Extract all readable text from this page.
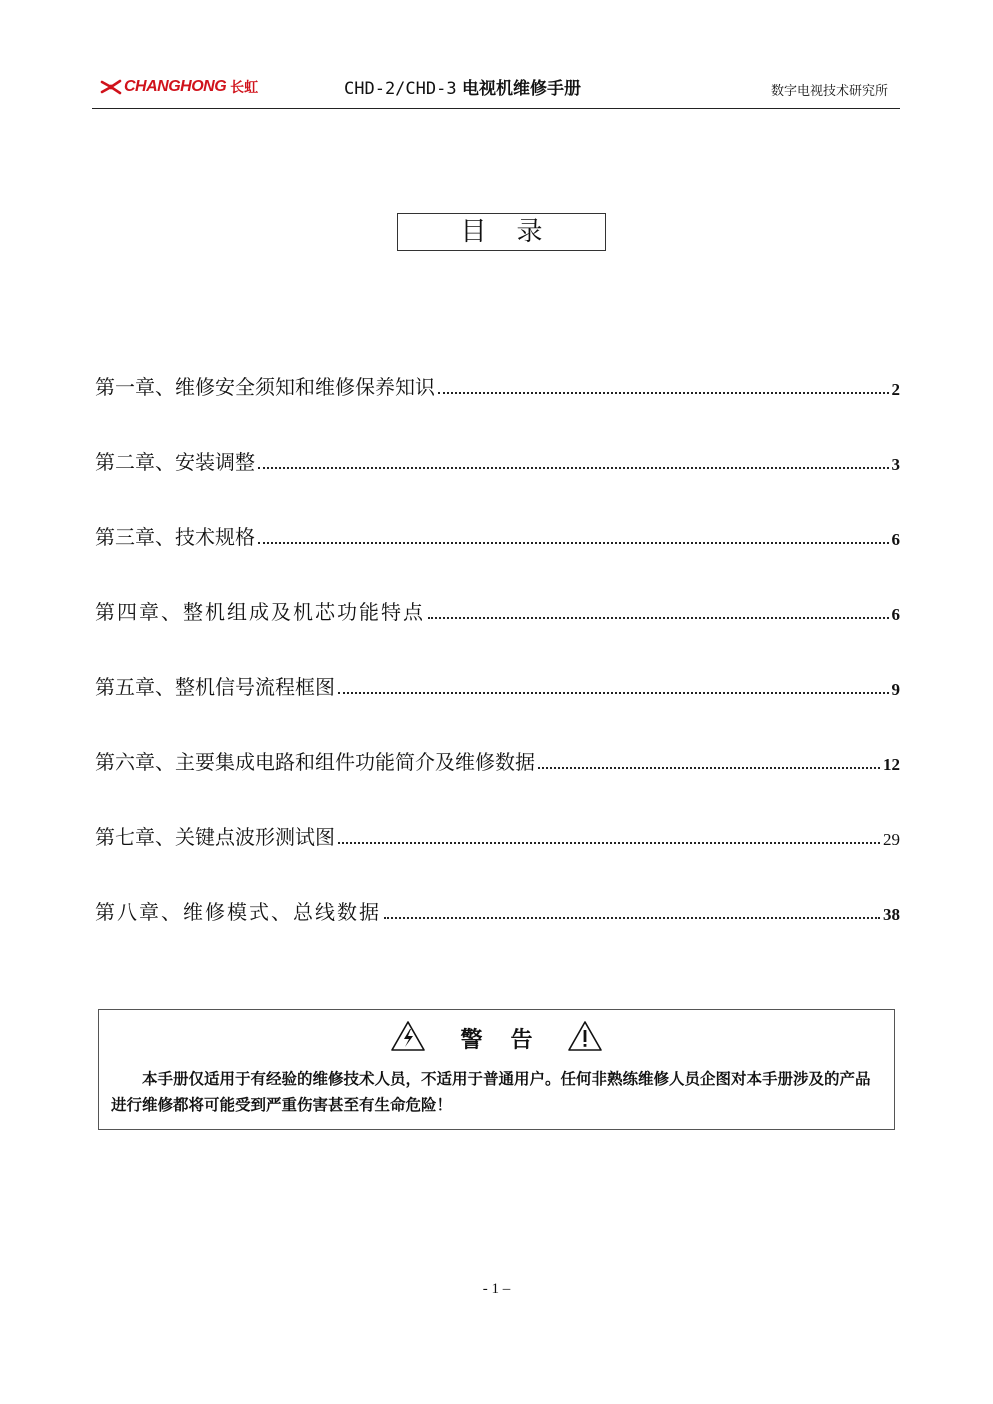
CHANGHONG 长虹	CHD-2/CHD-3 电视机维修手册	数字电视技术研究所
目录
第一章、维修安全须知和维修保养知识	2
第二章、安装调整	3
第三章、技术规格	6
第四章、整机组成及机芯功能特点	6
第五章、整机信号流程框图	9
第六章、主要集成电路和组件功能简介及维修数据	12
第七章、关键点波形测试图	29
第八章、维修模式、总线数据	38
警告
本手册仅适用于有经验的维修技术人员，不适用于普通用户。任何非熟练维修人员企图对本手册涉及的产品进行维修都将可能受到严重伤害甚至有生命危险！
- 1 –
